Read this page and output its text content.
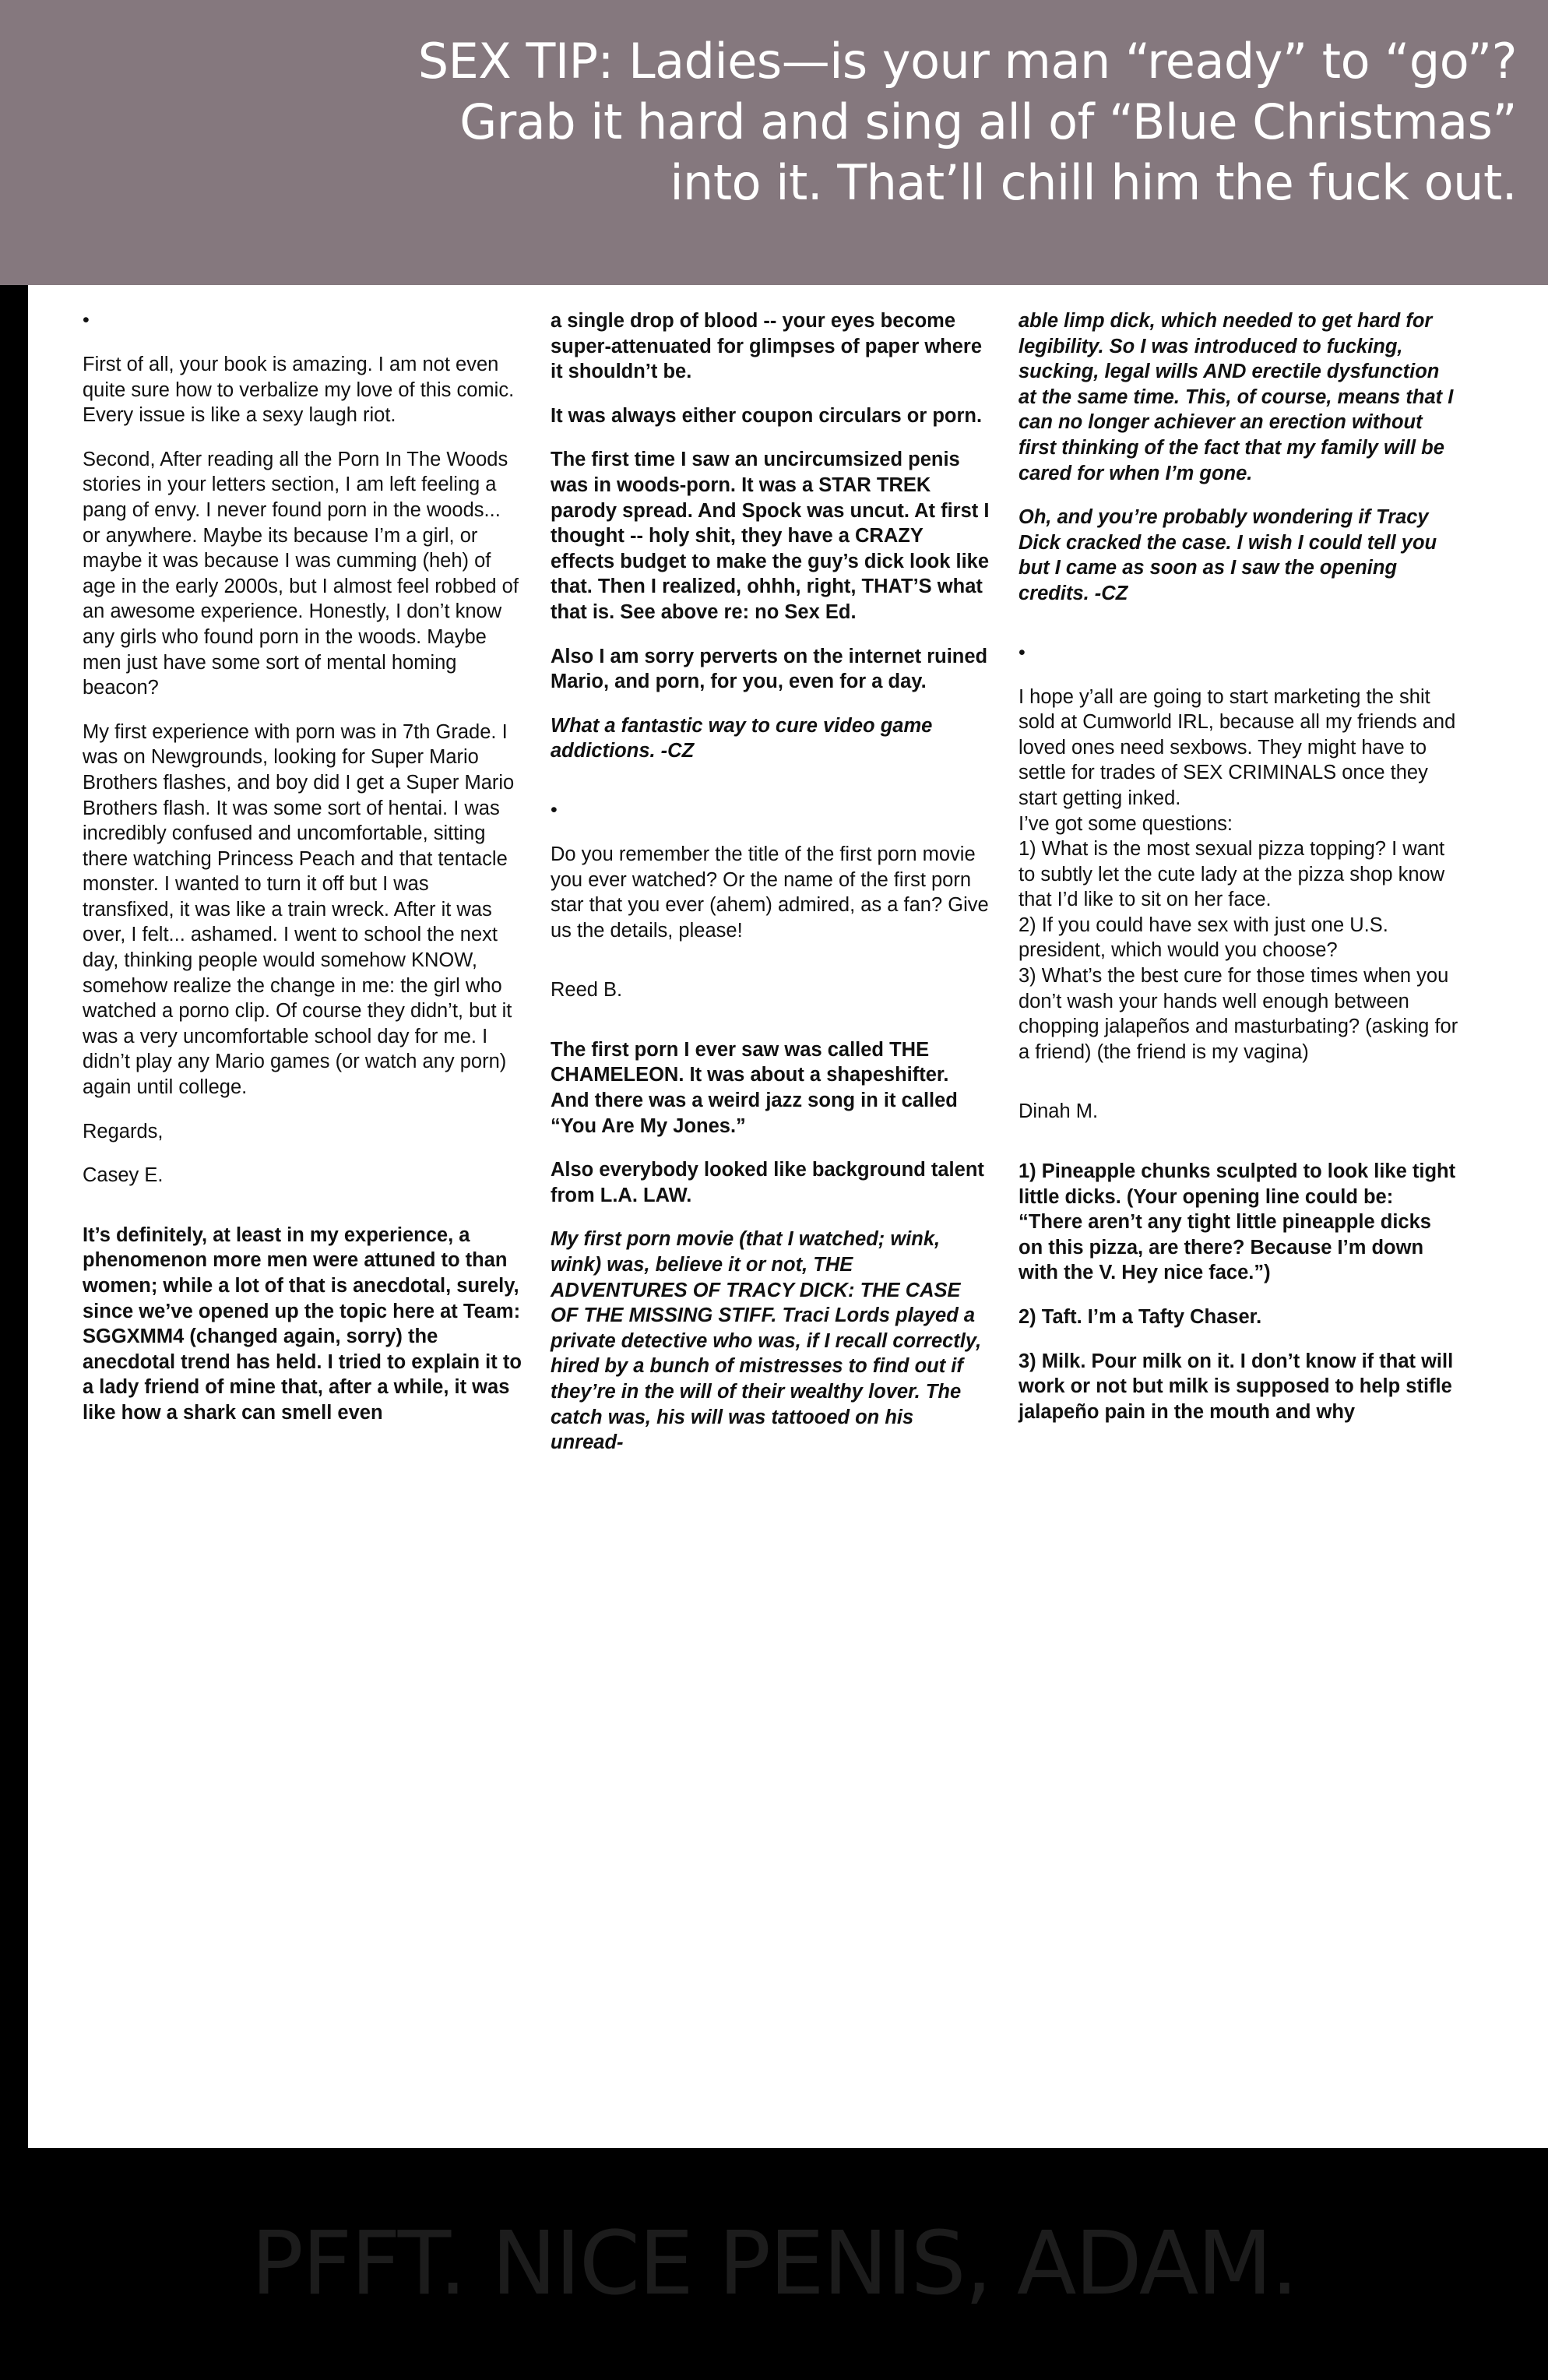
SEX TIP: Ladies—is your man “ready” to “go”?
Grab it hard and sing all of “Blue Christmas”
into it. That’ll chill him the fuck out.

•

First of all, your book is amazing. I am not even quite sure how to verbalize my love of this comic. Every issue is like a sexy laugh riot.

Second, After reading all the Porn In The Woods stories in your letters section, I am left feeling a pang of envy. I never found porn in the woods... or anywhere. Maybe its because I’m a girl, or maybe it was because I was cumming (heh) of age in the early 2000s, but I almost feel robbed of an awesome experience. Honestly, I don’t know any girls who found porn in the woods. Maybe men just have some sort of mental homing beacon?

My first experience with porn was in 7th Grade. I was on Newgrounds, looking for Super Mario Brothers flashes, and boy did I get a Super Mario Brothers flash. It was some sort of hentai. I was incredibly confused and uncomfortable, sitting there watching Princess Peach and that tentacle monster. I wanted to turn it off but I was transfixed, it was like a train wreck. After it was over, I felt... ashamed. I went to school the next day, thinking people would somehow KNOW, somehow realize the change in me: the girl who watched a porno clip. Of course they didn’t, but it was a very uncomfortable school day for me. I didn’t play any Mario games (or watch any porn) again until college.

Regards,

Casey E.

It’s definitely, at least in my experience, a phenomenon more men were attuned to than women; while a lot of that is anecdotal, surely, since we’ve opened up the topic here at Team: SGGXMM4 (changed again, sorry) the anecdotal trend has held. I tried to explain it to a lady friend of mine that, after a while, it was like how a shark can smell even

a single drop of blood -- your eyes become super-attenuated for glimpses of paper where it shouldn’t be.

It was always either coupon circulars or porn.

The first time I saw an uncircumsized penis was in woods-porn. It was a STAR TREK parody spread. And Spock was uncut. At first I thought -- holy shit, they have a CRAZY effects budget to make the guy’s dick look like that. Then I realized, ohhh, right, THAT’S what that is. See above re: no Sex Ed.

Also I am sorry perverts on the internet ruined Mario, and porn, for you, even for a day.

What a fantastic way to cure video game addictions. -CZ

•

Do you remember the title of the first porn movie you ever watched? Or the name of the first porn star that you ever (ahem) admired, as a fan? Give us the details, please!

Reed B.

The first porn I ever saw was called THE CHAMELEON. It was about a shapeshifter. And there was a weird jazz song in it called “You Are My Jones.”

Also everybody looked like background talent from L.A. LAW.

My first porn movie (that I watched; wink, wink) was, believe it or not, THE ADVENTURES OF TRACY DICK: THE CASE OF THE MISSING STIFF. Traci Lords played a private detective who was, if I recall correctly, hired by a bunch of mistresses to find out if they’re in the will of their wealthy lover. The catch was, his will was tattooed on his unread-

able limp dick, which needed to get hard for legibility. So I was introduced to fucking, sucking, legal wills AND erectile dysfunction at the same time. This, of course, means that I can no longer achiever an erection without first thinking of the fact that my family will be cared for when I’m gone.

Oh, and you’re probably wondering if Tracy Dick cracked the case. I wish I could tell you but I came as soon as I saw the opening credits. -CZ

•

I hope y’all are going to start marketing the shit sold at Cumworld IRL, because all my friends and loved ones need sexbows. They might have to settle for trades of SEX CRIMINALS once they start getting inked.

I’ve got some questions:

1) What is the most sexual pizza topping? I want to subtly let the cute lady at the pizza shop know that I’d like to sit on her face.

2) If you could have sex with just one U.S. president, which would you choose?

3) What’s the best cure for those times when you don’t wash your hands well enough between chopping jalapeños and masturbating? (asking for a friend) (the friend is my vagina)

Dinah M.

1) Pineapple chunks sculpted to look like tight little dicks. (Your opening line could be: “There aren’t any tight little pineapple dicks on this pizza, are there? Because I’m down with the V. Hey nice face.”)

2) Taft. I’m a Tafty Chaser.

3) Milk. Pour milk on it. I don’t know if that will work or not but milk is supposed to help stifle jalapeño pain in the mouth and why

PFFT. NICE PENIS, ADAM.
